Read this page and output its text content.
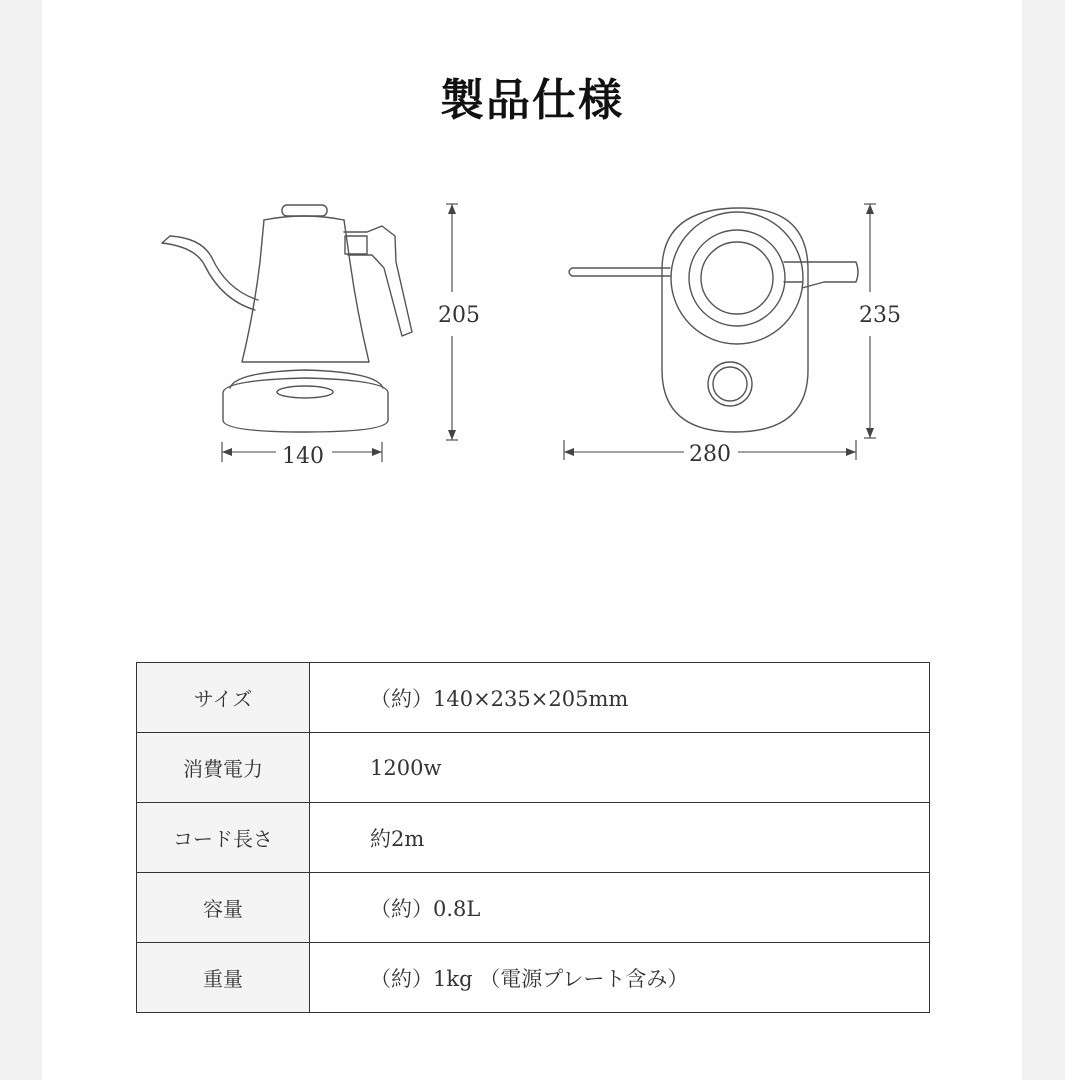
製品仕様
205
140
235
280
サイズ	（約）140×235×205mm
消費電力	1200w
コード長さ	約2m
容量	（約）0.8L
重量	（約）1kg （電源プレート含み）
